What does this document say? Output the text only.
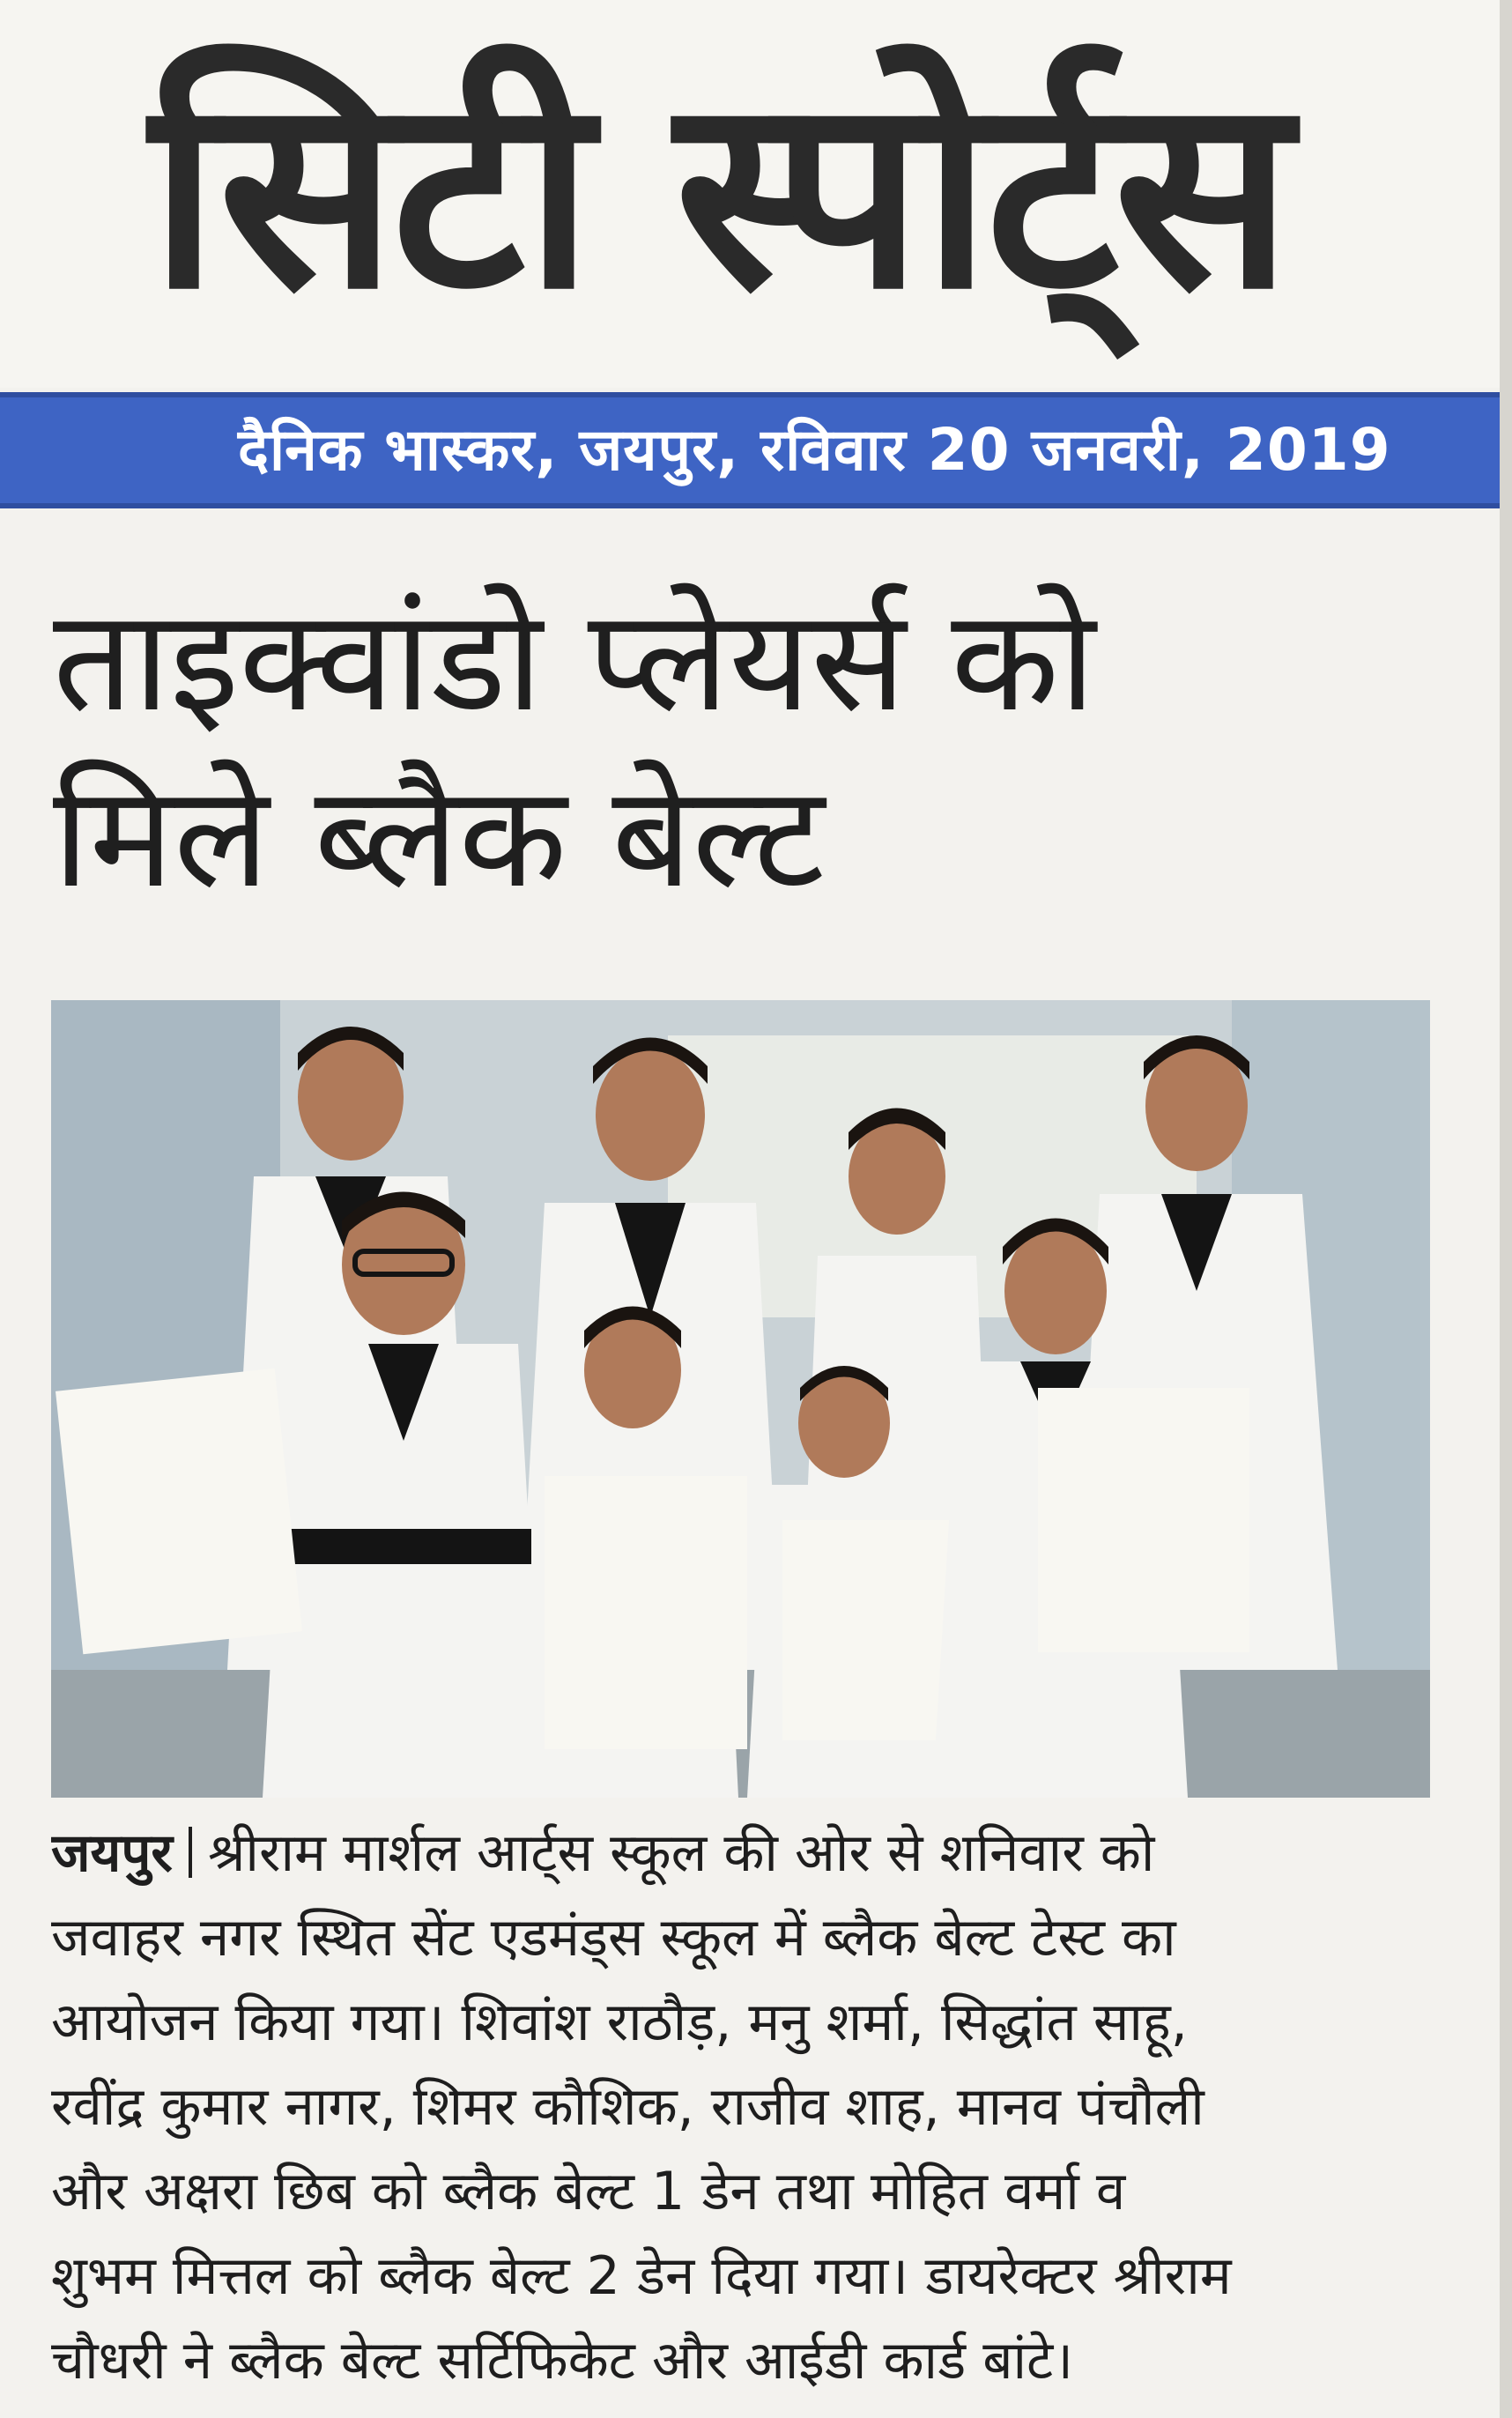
सिटी स्पोर्ट्स
दैनिक भास्कर, जयपुर, रविवार 20 जनवरी, 2019
ताइक्वांडो प्लेयर्स को
मिले ब्लैक बेल्ट
जयपुर श्रीराम मार्शल आर्ट्स स्कूल की ओर से शनिवार को
जवाहर नगर स्थित सेंट एडमंड्स स्कूल में ब्लैक बेल्ट टेस्ट का
आयोजन किया गया। शिवांश राठौड़, मनु शर्मा, सिद्धांत साहू,
रवींद्र कुमार नागर, शिमर कौशिक, राजीव शाह, मानव पंचौली
और अक्षरा छिब को ब्लैक बेल्ट 1 डेन तथा मोहित वर्मा व
शुभम मित्तल को ब्लैक बेल्ट 2 डेन दिया गया। डायरेक्टर श्रीराम
चौधरी ने ब्लैक बेल्ट सर्टिफिकेट और आईडी कार्ड बांटे।
